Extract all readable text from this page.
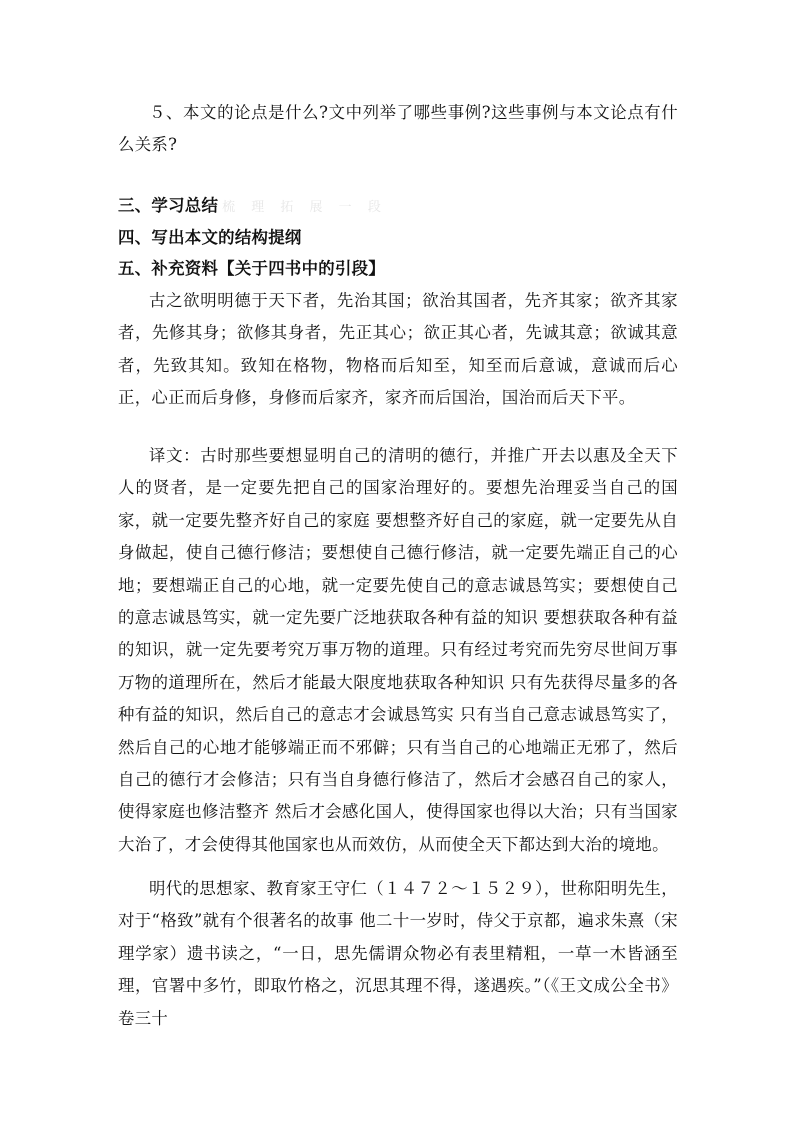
５、本文的论点是什么?文中列举了哪些事例?这些事例与本文论点有什么关系?
三、学习总结 梳 理 拓 展 一 段
四、写出本文的结构提纲
五、补充资料【关于四书中的引段】
古之欲明明德于天下者，先治其国；欲治其国者，先齐其家；欲齐其家者，先修其身；欲修其身者，先正其心；欲正其心者，先诚其意；欲诚其意者，先致其知。致知在格物，物格而后知至，知至而后意诚，意诚而后心正，心正而后身修，身修而后家齐，家齐而后国治，国治而后天下平。
译文：古时那些要想显明自己的清明的德行，并推广开去以惠及全天下人的贤者，是一定要先把自己的国家治理好的。要想先治理妥当自己的国家，就一定要先整齐好自己的家庭 要想整齐好自己的家庭，就一定要先从自身做起，使自己德行修洁；要想使自己德行修洁，就一定要先端正自己的心地；要想端正自己的心地，就一定要先使自己的意志诚恳笃实；要想使自己的意志诚恳笃实，就一定先要广泛地获取各种有益的知识 要想获取各种有益的知识，就一定先要考究万事万物的道理。只有经过考究而先穷尽世间万事万物的道理所在，然后才能最大限度地获取各种知识 只有先获得尽量多的各种有益的知识，然后自己的意志才会诚恳笃实 只有当自己意志诚恳笃实了，然后自己的心地才能够端正而不邪僻；只有当自己的心地端正无邪了，然后自己的德行才会修洁；只有当自身德行修洁了，然后才会感召自己的家人，使得家庭也修洁整齐 然后才会感化国人，使得国家也得以大治；只有当国家大治了，才会使得其他国家也从而效仿，从而使全天下都达到大治的境地。
明代的思想家、教育家王守仁（１４７２～１５２９），世称阳明先生，对于“格致”就有个很著名的故事 他二十一岁时，侍父于京都，遍求朱熹（宋理学家）遗书读之，“一日，思先儒谓众物必有表里精粗，一草一木皆涵至理，官署中多竹，即取竹格之，沉思其理不得，遂遇疾。”（《王文成公全书》卷三十
